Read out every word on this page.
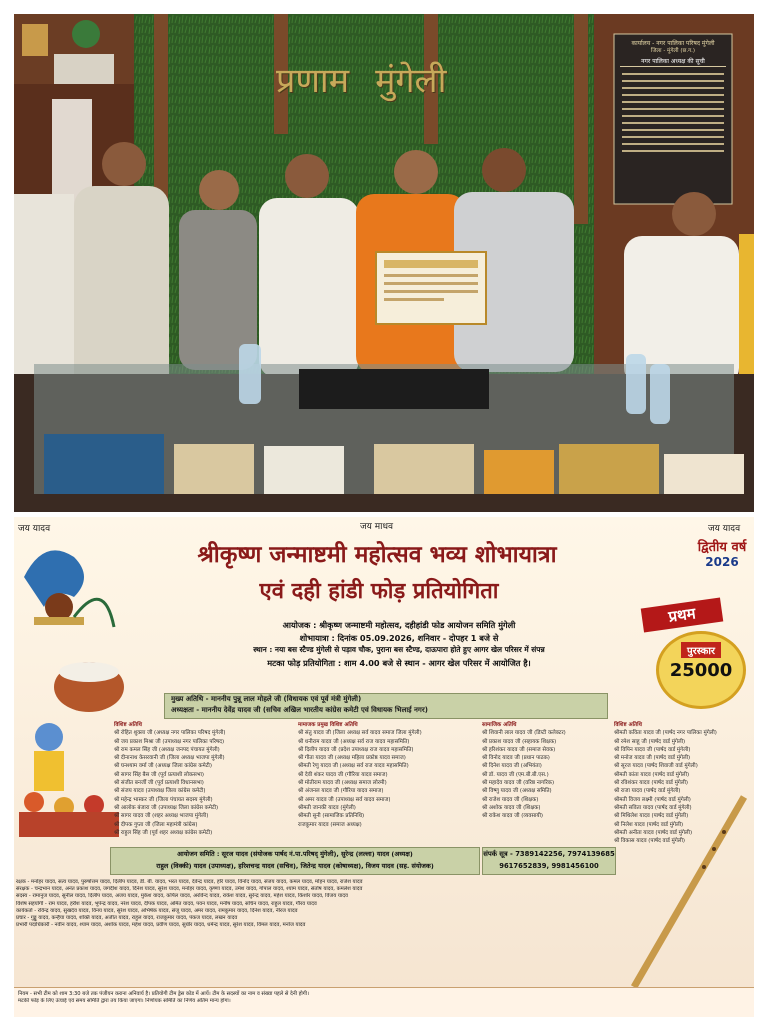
प्रणाम मुंगेली
कार्यालय - नगर पालिका परिषद मुंगेली
जिला - मुंगेली (छ.ग.)
नगर पालिका अध्यक्ष की सूची
जय यादव	जय माधव	जय यादव
श्रीकृष्ण जन्माष्टमी महोत्सव भव्य शोभायात्रा
एवं दही हांडी फोड़ प्रतियोगिता
द्वितीय वर्ष
2026
प्रथम
पुरस्कार
25000
आयोजक : श्रीकृष्ण जन्माष्टमी महोत्सव, दहीहांडी फोड आयोजन समिति मुंगेली
शोभायात्रा : दिनांक 05.09.2026, शनिवार - दोपहर 1 बजे से
स्थान : नया बस स्टैण्ड मुंगेली से पड़ाव चौक, पुराना बस स्टैण्ड, दाऊपारा होते हुए आगर खेल परिसर में संपन्न
मटका फोड़ प्रतियोगिता : शाम 4.00 बजे से स्थान - आगर खेल परिसर में आयोजित है।
मुख्य अतिथि - माननीय पुन्नू लाल मोहले जी (विधायक एवं पूर्व मंत्री मुंगेली)
अध्यक्षता - माननीय देवेंद्र यादव जी (सचिव अखिल भारतीय कांग्रेस कमेटी एवं विधायक भिलाई नगर)
विशिष्ट अतिथि
श्री रोहित शुक्ला जी (अध्यक्ष नगर पालिका परिषद मुंगेली)
श्री जय प्रकाश मिश्रा जी (उपाध्यक्ष नगर पालिका परिषद)
श्री राम कमल सिंह जी (अध्यक्ष जनपद पंचायत मुंगेली)
श्री दीनानाथ केसरवानी जी (जिला अध्यक्ष भाजपा मुंगेली)
श्री घनश्याम वर्मा जी (अध्यक्ष जिला कांग्रेस कमेटी)
श्री सागर सिंह बैस जी (पूर्व प्रत्याशी लोकसभा)
श्री संजीत बनर्जी जी (पूर्व प्रत्याशी विधानसभा)
श्री संजय यादव (उपाध्यक्ष जिला कांग्रेस कमेटी)
श्री महेन्द्र भास्कर जी (जिला पंचायत सदस्य मुंगेली)
श्री आलोक बंजारा जी (उपाध्यक्ष जिला कांग्रेस कमेटी)
श्री सागर यादव जी (शहर अध्यक्ष भाजपा मुंगेली)
श्री दीपक गुप्ता जी (जिला महामंत्री कांग्रेस)
श्री राहुल सिंह जी (पूर्व शहर अध्यक्ष कांग्रेस कमेटी)
मामाजक प्रमुख विशिष्ट अतिथि
श्री संतु यादव जी (जिला अध्यक्ष सर्व यादव समाज जिला मुंगेली)
श्री धनीराम यादव जी (अध्यक्ष सर्व राज यादव महासमिति)
श्री दिलीप यादव जी (प्रदेश उपाध्यक्ष राज यादव महासमिति)
श्री गीता यादव जी (अध्यक्ष महिला प्रकोष्ठ यादव समाज)
श्रीमती रेणु यादव जी (अध्यक्ष सर्व राज यादव महासमिति)
श्री देवी शंकर यादव जी (गौरिया यादव समाज)
श्री मोतीराम यादव जी (अध्यक्ष समाज लोरमी)
श्री अंजनल यादव जी (गौरिया यादव समाज)
श्री अमर यादव जी (उपाध्यक्ष सर्व यादव समाज)
श्रीमती जानकी यादव (मुंगेली)
श्रीमती सुनी (सामाजिक प्रतिनिधि)
राजकुमार यादव (समाज अध्यक्ष)
सामाजिक अतिथि
श्री शिवानी लाल यादव जी (डिप्टी कलेक्टर)
श्री प्रकाश यादव जी (सहायक शिक्षक)
श्री हरिशंकर यादव जी (समाज सेवक)
श्री विनोद यादव जी (प्रधान पाठक)
श्री दिनेश यादव जी (अभियंता)
श्री डॉ. यादव जी (एम.बी.बी.एस.)
श्री महादेव यादव जी (वरिष्ठ नागरिक)
श्री विष्णु यादव जी (अध्यक्ष समिति)
श्री राजेश यादव जी (शिक्षक)
श्री अशोक यादव जी (शिक्षक)
श्री राकेश यादव जी (व्यवसायी)
विशिष्ट अतिथि
श्रीमती कविता यादव जी (पार्षद नगर पालिका मुंगेली)
श्री रमेश साहू जी (पार्षद वार्ड मुंगेली)
श्री विपिन यादव जी (पार्षद वार्ड मुंगेली)
श्री मनोज यादव जी (पार्षद वार्ड मुंगेली)
श्री सूरज यादव (पार्षद शिवाजी वार्ड मुंगेली)
श्रीमती कांता यादव (पार्षद वार्ड मुंगेली)
श्री रविशंकर यादव (पार्षद वार्ड मुंगेली)
श्री राजा यादव (पार्षद वार्ड मुंगेली)
श्रीमती विजय लक्ष्मी (पार्षद वार्ड मुंगेली)
श्रीमती सविता यादव (पार्षद वार्ड मुंगेली)
श्री मिथिलेश यादव (पार्षद वार्ड मुंगेली)
श्री निलेश यादव (पार्षद वार्ड मुंगेली)
श्रीमती अनीता यादव (पार्षद वार्ड मुंगेली)
श्री विकास यादव (पार्षद वार्ड मुंगेली)
आयोजन समिति : सूरज यादव (संयोजक पार्षद नं.पा.परिषद् मुंगेली), सुरेन्द्र (लल्ला) यादव (अध्यक्ष)
राहुल (विक्की) यादव (उपाध्यक्ष), हरिशचन्द्र यादव (सचिव), जितेन्द्र यादव (कोषाध्यक्ष), विजय यादव (सह. संयोजक)
संपर्क सूत्र - 7389142256, 7974139685
9617652839, 9981456100
रक्षक - मनोहर यादव, सत्य यादव, पुरुषोत्तम यादव, दिलीप यादव, डी. बी. यादव, भरत यादव, देवेन्द्र यादव, हरि यादव, विनोद यादव, संजय यादव, कमल यादव, मोहन यादव, राजेश यादव
संरक्षक - चन्द्रभान यादव, अनंत प्रकाश यादव, जगदीश यादव, दिनेश यादव, सुरेश यादव, मनोहर यादव, कृष्णा यादव, उमेश यादव, गोपाल यादव, श्याम यादव, संतोष यादव, कमलेश यादव
सदस्य - रामानुज यादव, सुनील यादव, दिलीप यादव, अजय यादव, मुकेश यादव, कपिल यादव, अरविन्द यादव, राकेश यादव, सुरेन्द्र यादव, महेश यादव, किशोर यादव, विजय यादव
विशेष सहयोगी - राम यादव, हरीश यादव, भूपेन्द्र यादव, नरेश यादव, दीपक यादव, अमित यादव, पवन यादव, मनीष यादव, सचिन यादव, राहुल यादव, गौरव यादव
कार्यकर्ता - रविन्द्र यादव, सुखदेव यादव, विनय यादव, सुरेश यादव, अभिषेक यादव, संजू यादव, अमर यादव, रामकुमार यादव, दिनेश यादव, नीरज यादव
प्रचार - गुड्डू यादव, कन्हैया यादव, शक्ति यादव, अजीत यादव, राहुल यादव, राजकुमार यादव, पंकज यादव, लखन यादव
प्रभारी पदाधिकारी - नवीन यादव, श्याम यादव, अशोक यादव, महेश यादव, प्रवीण यादव, सुधीर यादव, धर्मेन्द्र यादव, सुरेश यादव, विमल यादव, मनोज यादव
नियम - सभी टीम को शाम 3:30 बजे तक पंजीयन कराना अनिवार्य है। प्रतियोगी टीम ड्रेस कोड में आयें। टीम के सदस्यों का नाम व संख्या पहले से देनी होगी।
मटकी फोड़ के लिए ऊंचाई एवं समय समिति द्वारा तय किया जाएगा। निर्णायक समिति का निर्णय अंतिम मान्य होगा।
